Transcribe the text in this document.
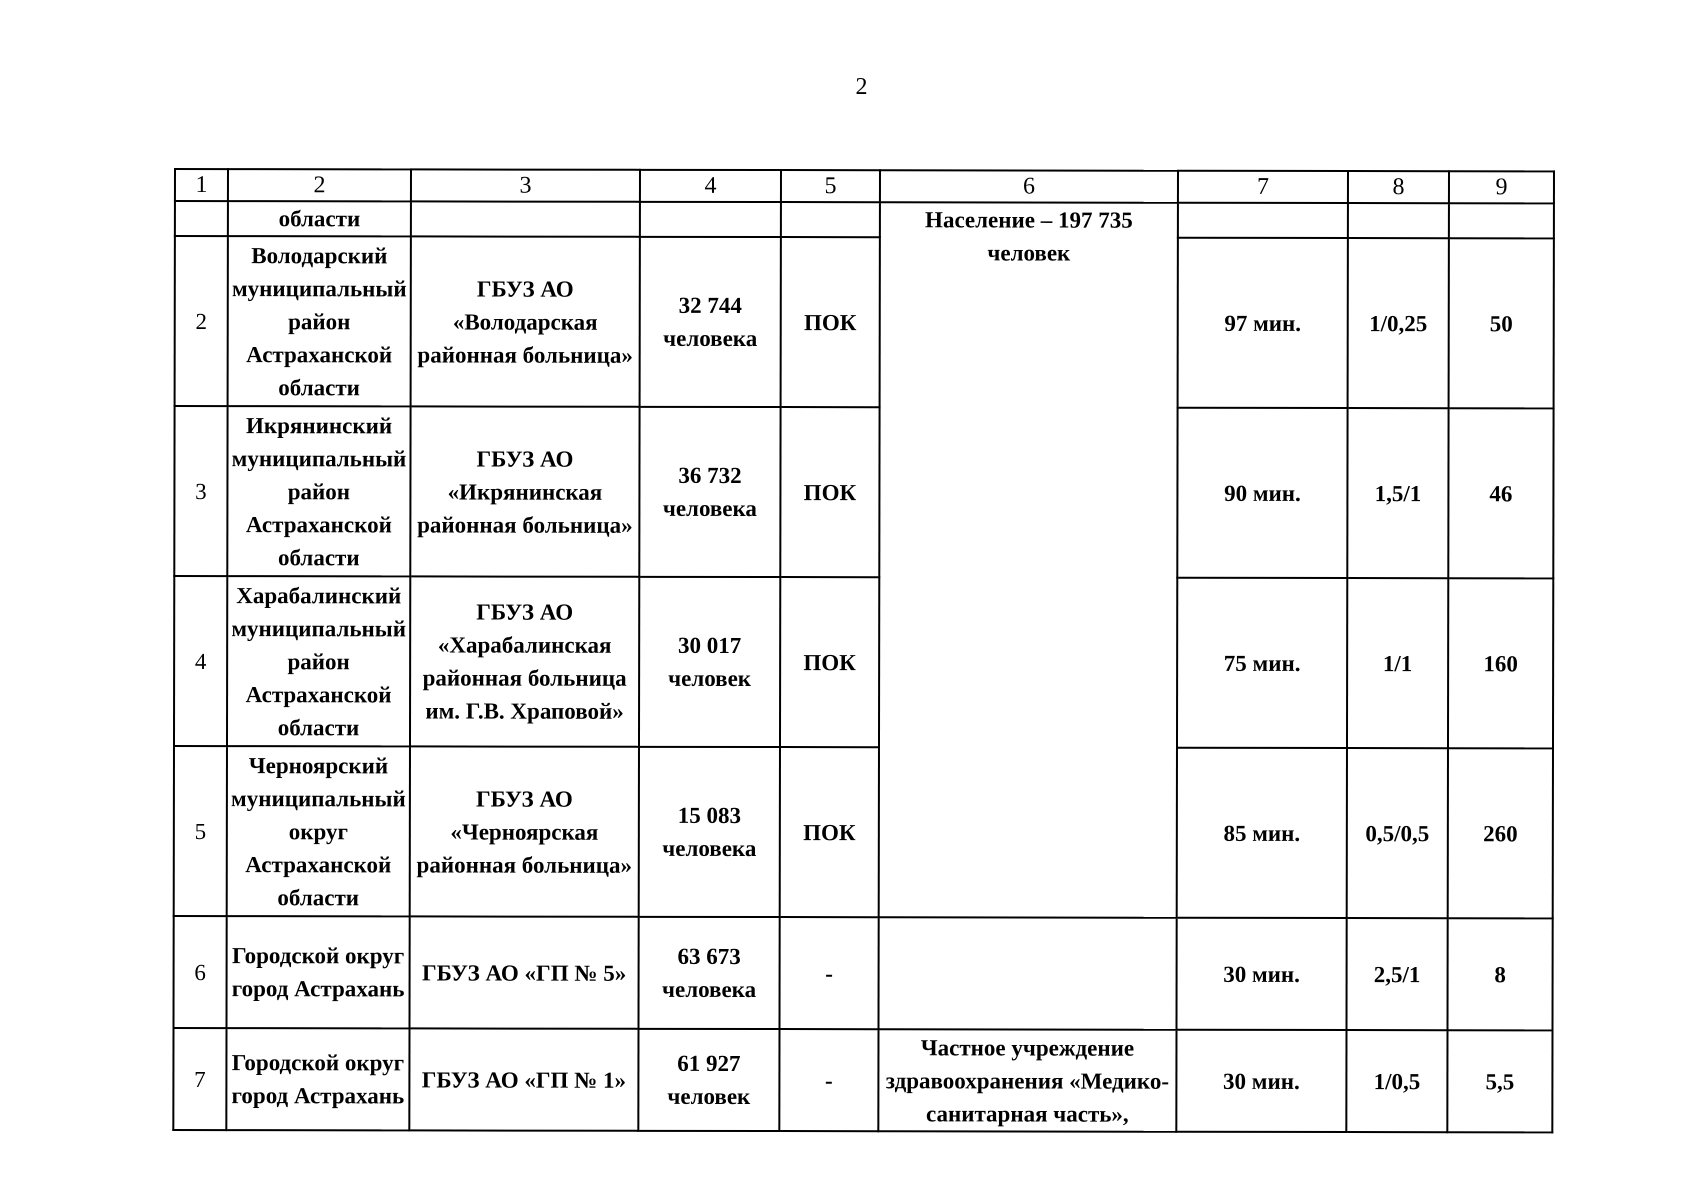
2
1	2	3	4	5	6	7	8	9
	области				Население – 197 735 человек			
2	Володарский муниципальный район Астраханской области	ГБУЗ АО «Володарская районная больница»	32 744 человека	ПОК		97 мин.	1/0,25	50
3	Икрянинский муниципальный район Астраханской области	ГБУЗ АО «Икрянинская районная больница»	36 732 человека	ПОК		90 мин.	1,5/1	46
4	Харабалинский муниципальный район Астраханской области	ГБУЗ АО «Харабалинская районная больница им. Г.В. Храповой»	30 017 человек	ПОК		75 мин.	1/1	160
5	Черноярский муниципальный округ Астраханской области	ГБУЗ АО «Черноярская районная больница»	15 083 человека	ПОК		85 мин.	0,5/0,5	260
6	Городской округ город Астрахань	ГБУЗ АО «ГП № 5»	63 673 человека	-		30 мин.	2,5/1	8
7	Городской округ город Астрахань	ГБУЗ АО «ГП № 1»	61 927 человек	-	Частное учреждение здравоохранения «Медико-санитарная часть»,	30 мин.	1/0,5	5,5
